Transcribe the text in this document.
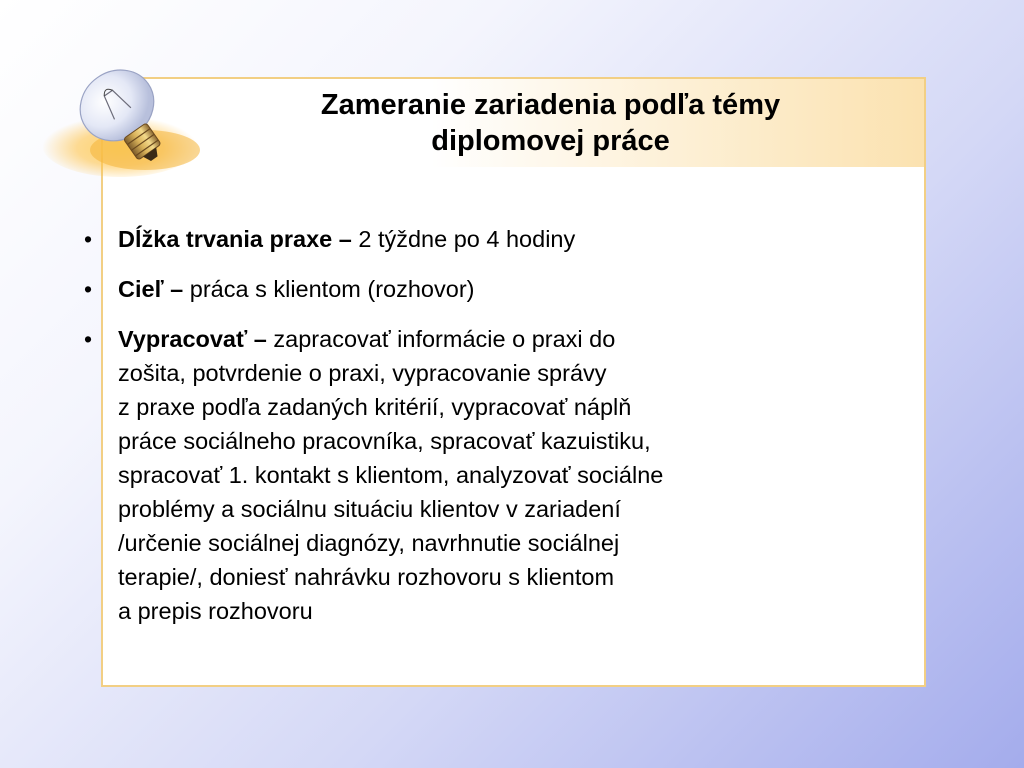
Zameranie zariadenia podľa témy
diplomovej práce
• Dĺžka trvania praxe – 2 týždne po 4 hodiny
• Cieľ – práca s klientom (rozhovor)
• Vypracovať – zapracovať informácie o praxi do
zošita, potvrdenie o praxi, vypracovanie správy
z praxe podľa zadaných kritérií, vypracovať náplň
práce sociálneho pracovníka, spracovať kazuistiku,
spracovať 1. kontakt s klientom, analyzovať sociálne
problémy a sociálnu situáciu klientov v zariadení
/určenie sociálnej diagnózy, navrhnutie sociálnej
terapie/, doniesť nahrávku rozhovoru s klientom
a prepis rozhovoru
